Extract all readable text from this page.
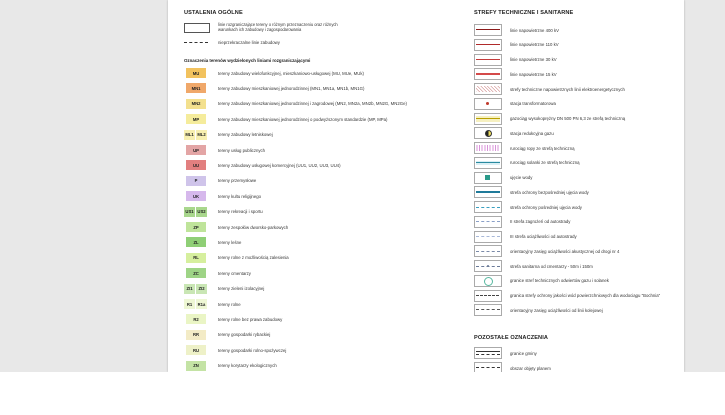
USTALENIA OGÓLNE
linie rozgraniczające tereny o różnym przeznaczeniu oraz różnych warunkach ich zabudowy i zagospodarowania
nieprzekraczalne linie zabudowy
Oznaczenia terenów wydzielonych liniami rozgraniczającymi
MU	tereny zabudowy wielofunkcyjnej, mieszkaniowo-usługowej (MU, MUe, MUk)
MN1	tereny zabudowy mieszkaniowej jednorodzinnej (MN1, MN1a, MN1b, MN1G)
MN2	tereny zabudowy mieszkaniowej jednorodzinnej i zagrodowej (MN2, MN2a, MN2b, MN2G, MN2Ge)
MP	tereny zabudowy mieszkaniowej jednorodzinnej o podwyższonym standardzie (MP, MPa)
ML1 ML2	tereny zabudowy letniskowej
UP	tereny usług publicznych
UU	tereny zabudowy usługowej komercyjnej (UU1, UU2, UU3, UU4)
P	tereny przemysłowe
UK	tereny kultu religijnego
US1 US2	tereny rekreacji i sportu
ZP	tereny zespołów dworsko-parkowych
ZL	tereny leśne
RL	tereny rolne z możliwością zalesienia
ZC	tereny cmentarzy
ZI1	ZI2	tereny zieleni izolacyjnej
R1	R1a	tereny rolne
R2	tereny rolne bez prawa zabudowy
RR	tereny gospodarki rybackiej
RU	tereny gospodarki rolno-spożywczej
ZN	tereny korytarzy ekologicznych
STREFY TECHNICZNE I SANITARNE
linie napowietrzne 400 kV
linie napowietrzne 110 kV
linie napowietrzne 30 kV
linie napowietrzne 15 kV
strefy techniczne napowietrznych linii elektroenergetycznych
stacja transformatorowa
gazociąg wysokoprężny DN 500 PN 6,3 ze strefą techniczną
stacja redukcyjna gazu
rurociąg ropy ze strefą techniczną
rurociąg solanki ze strefą techniczną
ujęcie wody
strefa ochrony bezpośredniej ujęcia wody
strefa ochrony pośredniej ujęcia wody
II strefa zagrożeń od autostrady
III strefa uciążliwości od autostrady
orientacyjny zasięg uciążliwości akustycznej od drogi nr 4
strefa sanitarna od cmentarzy - 50m i 150m
granice stref technicznych odwiertów gazu i solanek
granica strefy ochrony jakości wód powierzchniowych dla wodociągu "Bochnia"
orientacyjny zasięg uciążliwości od linii kolejowej
POZOSTAŁE OZNACZENIA
granice gminy
obszar objęty planem
